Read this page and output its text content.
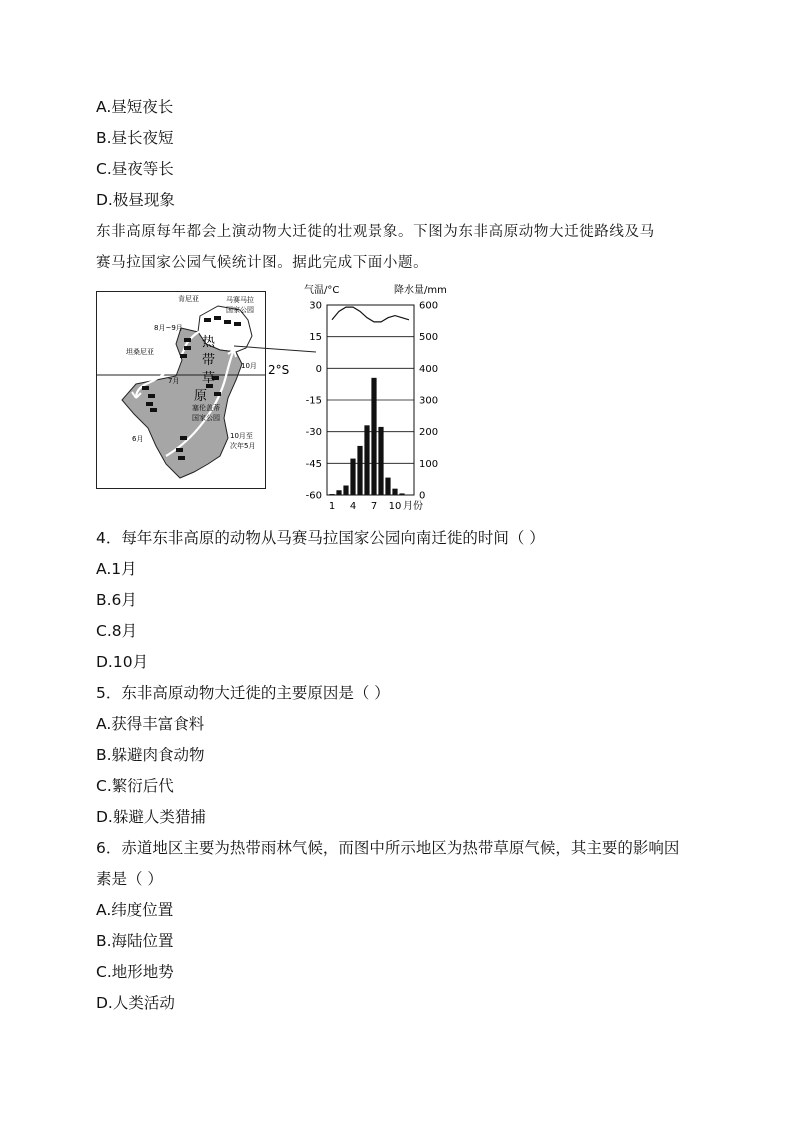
A.昼短夜长
B.昼长夜短
C.昼夜等长
D.极昼现象
东非高原每年都会上演动物大迁徙的壮观景象。下图为东非高原动物大迁徙路线及马
赛马拉国家公园气候统计图。据此完成下面小题。
肯尼亚	马赛马拉
国家公园
8月~9月
坦桑尼亚
10月
7月
6月	10月至
次年5月
塞伦盖蒂
国家公园
热
带
草
原
2°S
气温/°C	降水量/mm
30
15
0
-15
-30
-45
-60
600
500
400
300
200
100
0
1 4 7 10 月份
4．每年东非高原的动物从马赛马拉国家公园向南迁徙的时间（ ）
A.1月
B.6月
C.8月
D.10月
5．东非高原动物大迁徙的主要原因是（ ）
A.获得丰富食料
B.躲避肉食动物
C.繁衍后代
D.躲避人类猎捕
6．赤道地区主要为热带雨林气候，而图中所示地区为热带草原气候，其主要的影响因
素是（ ）
A.纬度位置
B.海陆位置
C.地形地势
D.人类活动
